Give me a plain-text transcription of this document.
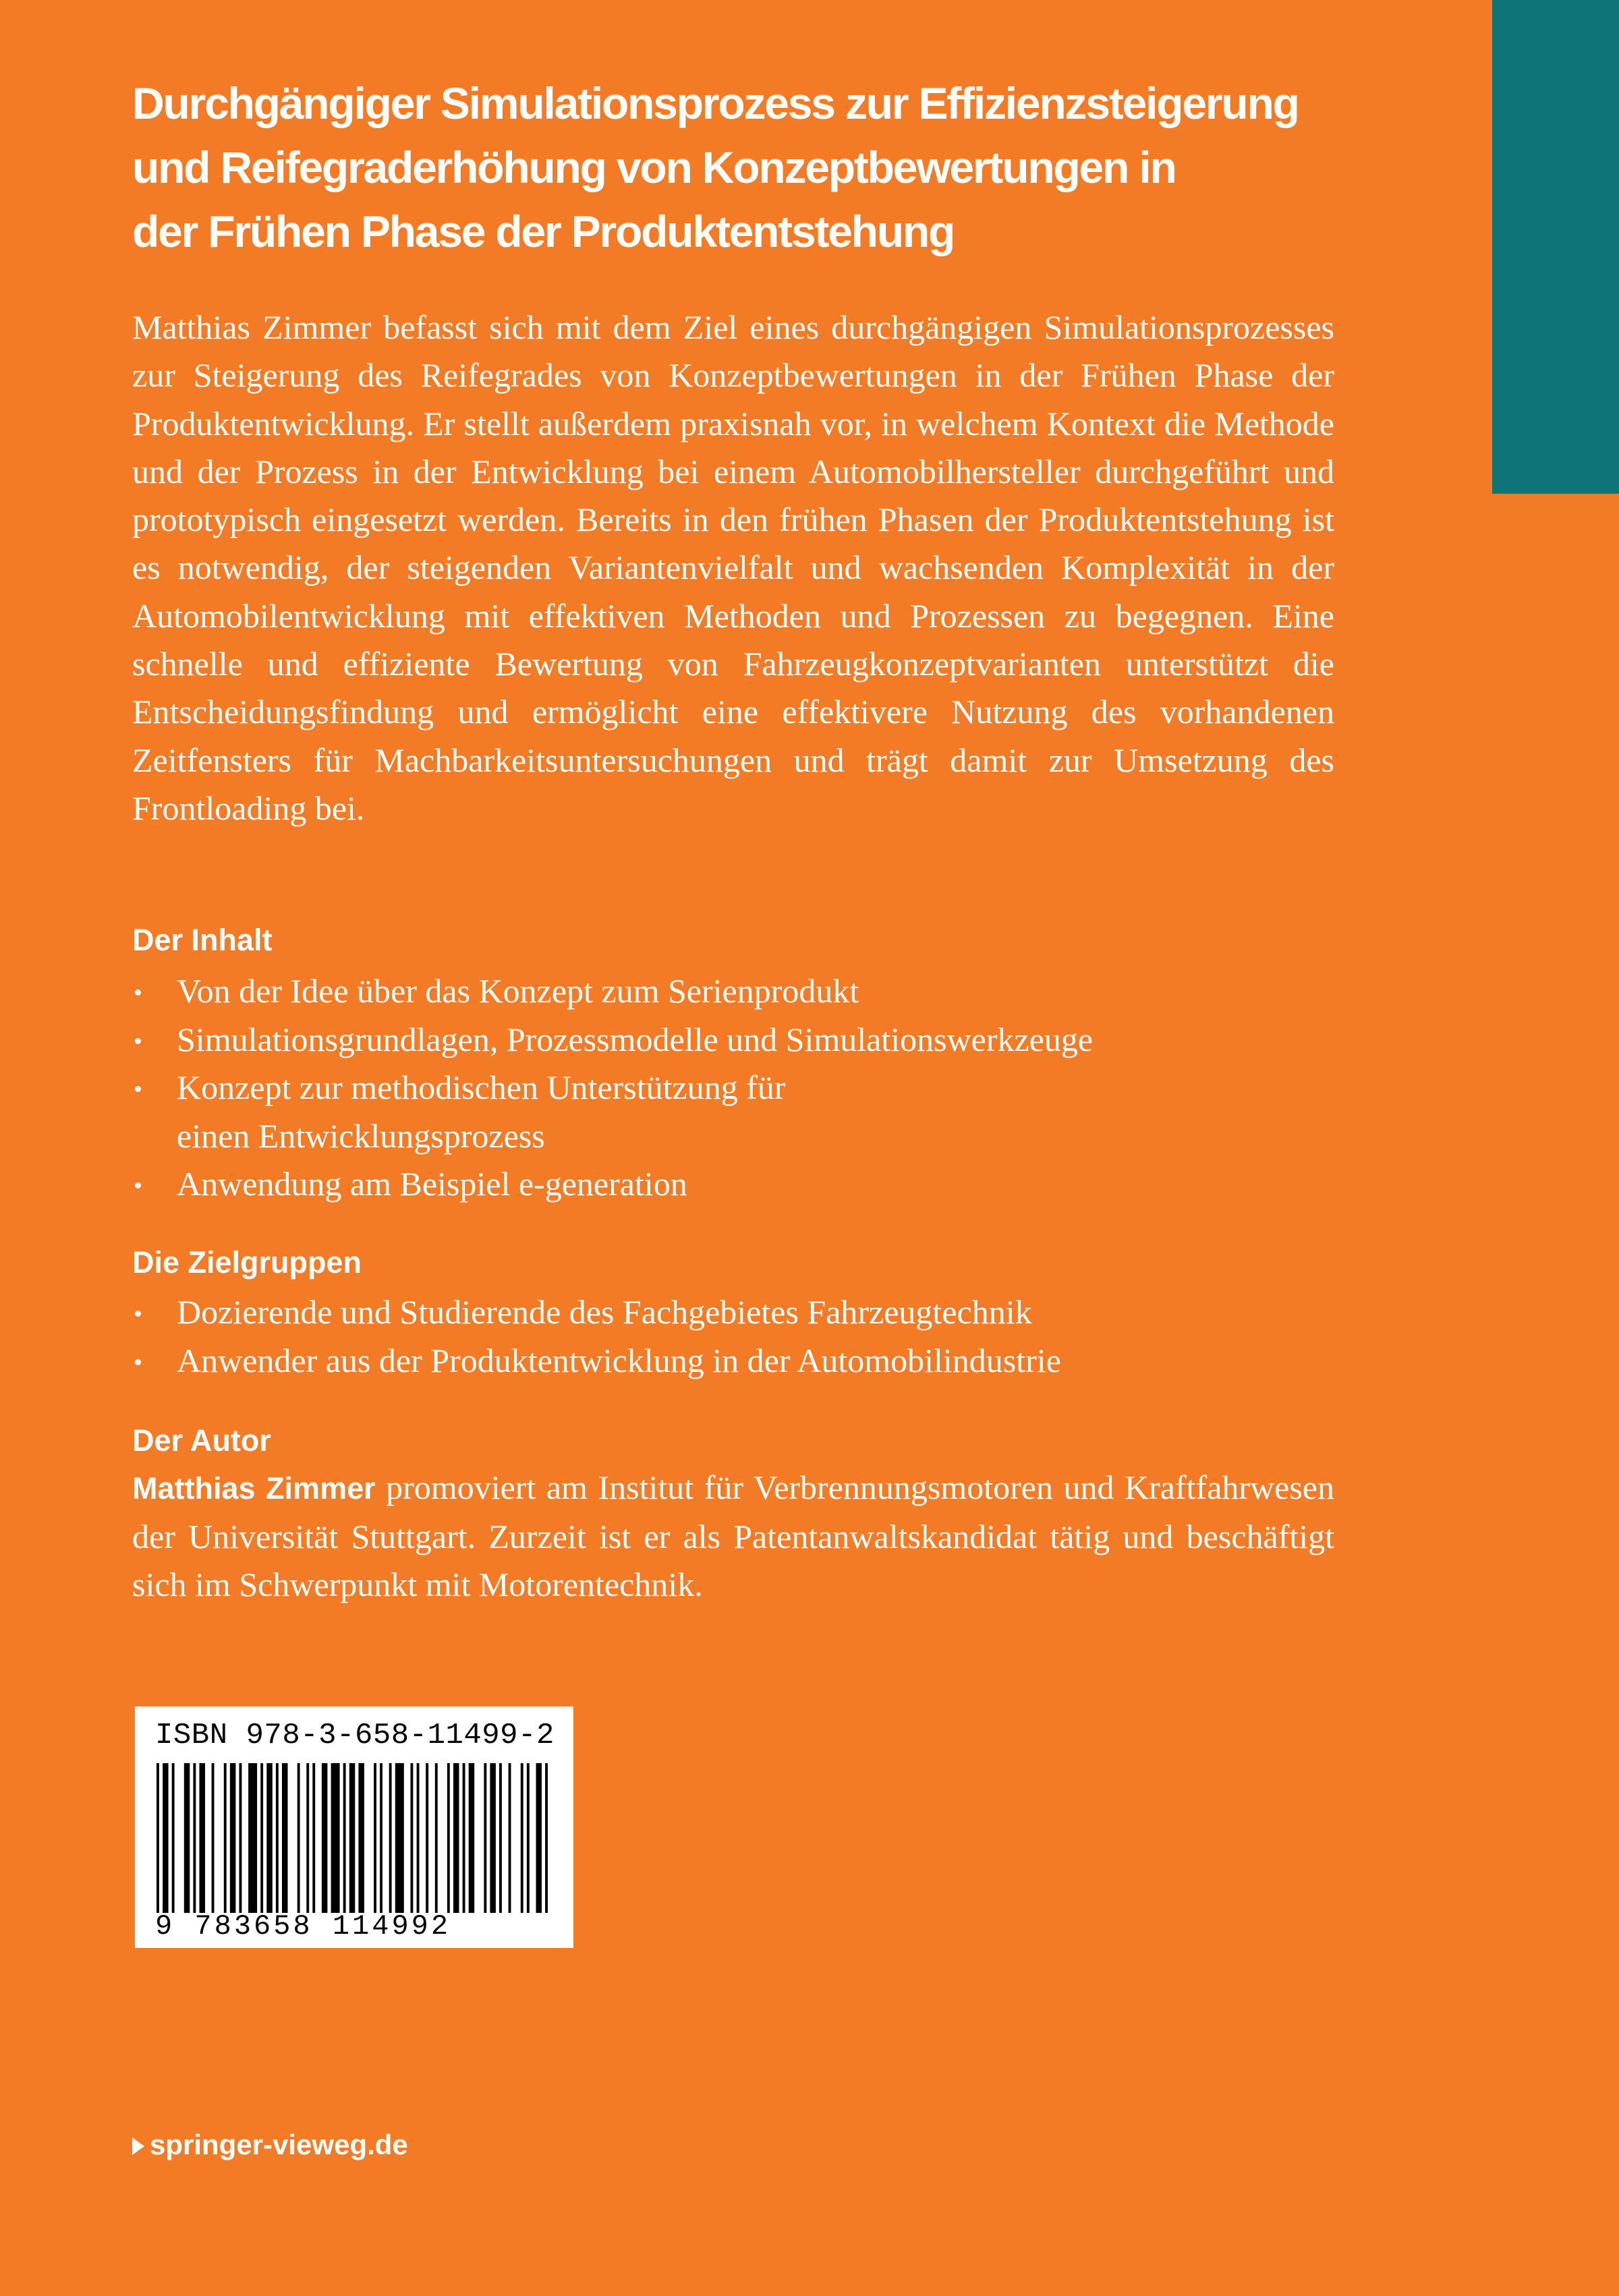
Durchgängiger Simulationsprozess zur Effizienzsteigerung
und Reifegraderhöhung von Konzeptbewertungen in
der Frühen Phase der Produktentstehung

Matthias Zimmer befasst sich mit dem Ziel eines durchgängigen Simulationsprozesses zur Steigerung des Reifegrades von Konzeptbewertungen in der Frühen Phase der Produktentwicklung. Er stellt außerdem praxisnah vor, in welchem Kontext die Methode und der Prozess in der Entwicklung bei einem Automobilhersteller durchgeführt und prototypisch eingesetzt werden. Bereits in den frühen Phasen der Produktentstehung ist es notwendig, der steigenden Variantenvielfalt und wachsenden Komplexität in der Automobilentwicklung mit effektiven Methoden und Prozessen zu begegnen. Eine schnelle und effiziente Bewertung von Fahrzeugkonzeptvarianten unterstützt die Entscheidungsfindung und ermöglicht eine effektivere Nutzung des vorhandenen Zeitfensters für Machbarkeitsuntersuchungen und trägt damit zur Umsetzung des Frontloading bei.

Der Inhalt
Von der Idee über das Konzept zum Serienprodukt
Simulationsgrundlagen, Prozessmodelle und Simulationswerkzeuge
Konzept zur methodischen Unterstützung für
einen Entwicklungsprozess
Anwendung am Beispiel e-generation
Die Zielgruppen
Dozierende und Studierende des Fachgebietes Fahrzeugtechnik
Anwender aus der Produktentwicklung in der Automobilindustrie
Der Autor

Matthias Zimmer promoviert am Institut für Verbrennungsmotoren und Kraftfahrwesen der Universität Stuttgart. Zurzeit ist er als Patentanwaltskandidat tätig und beschäftigt sich im Schwerpunkt mit Motorentechnik.

ISBN 978-3-658-11499-2
9 783658 114992

springer-vieweg.de
